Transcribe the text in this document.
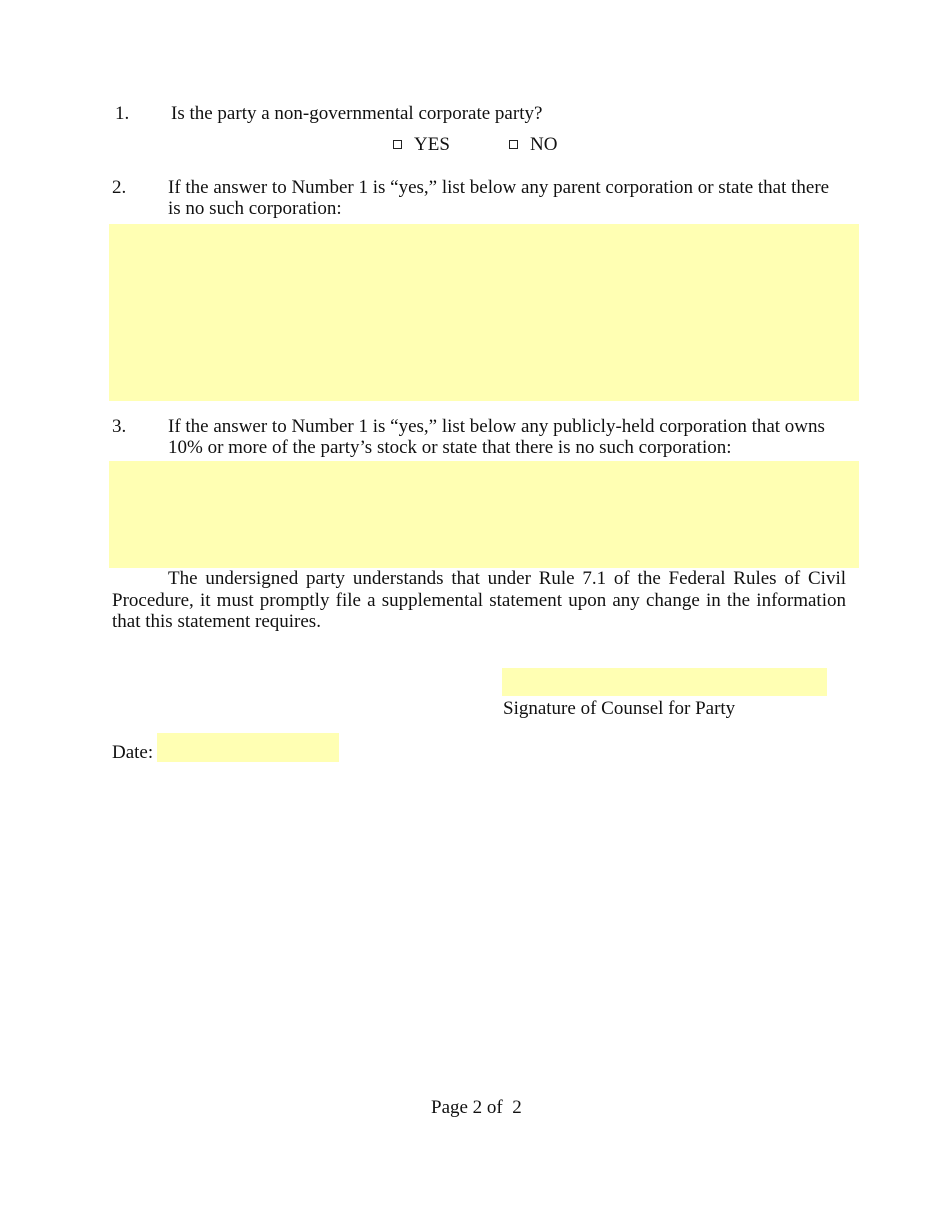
1. Is the party a non-governmental corporate party?
YES	NO
2. If the answer to Number 1 is “yes,” list below any parent corporation or state that there
is no such corporation:
3. If the answer to Number 1 is “yes,” list below any publicly-held corporation that owns
10% or more of the party’s stock or state that there is no such corporation:
The undersigned party understands that under Rule 7.1 of the Federal Rules of Civil Procedure, it must promptly file a supplemental statement upon any change in the information that this statement requires.
Signature of Counsel for Party
Date:
Page 2 of  2
